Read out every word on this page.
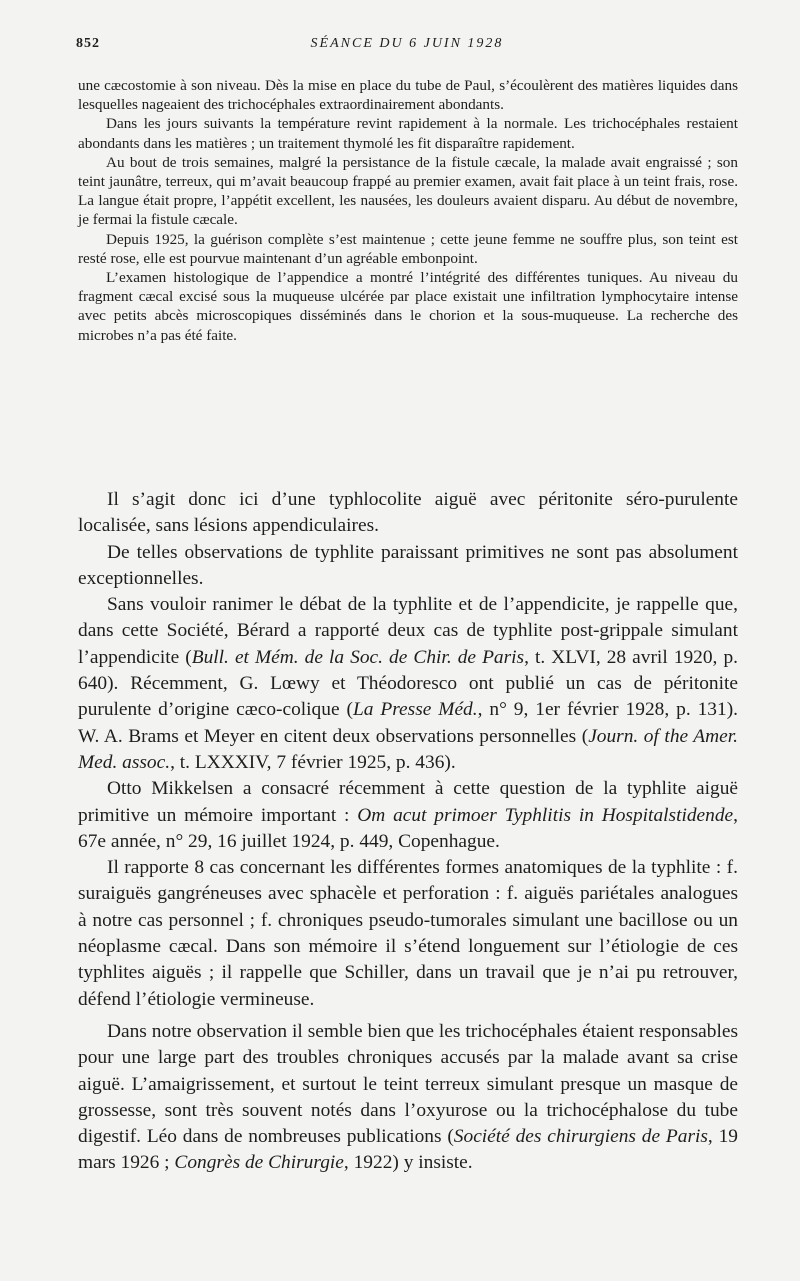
852	SÉANCE DU 6 JUIN 1928

une cæcostomie à son niveau. Dès la mise en place du tube de Paul, s’écoulèrent des matières liquides dans lesquelles nageaient des trichocéphales extraordinairement abondants.

Dans les jours suivants la température revint rapidement à la normale. Les trichocéphales restaient abondants dans les matières ; un traitement thymolé les fit disparaître rapidement.

Au bout de trois semaines, malgré la persistance de la fistule cæcale, la malade avait engraissé ; son teint jaunâtre, terreux, qui m’avait beaucoup frappé au premier examen, avait fait place à un teint frais, rose. La langue était propre, l’appétit excellent, les nausées, les douleurs avaient disparu. Au début de novembre, je fermai la fistule cæcale.

Depuis 1925, la guérison complète s’est maintenue ; cette jeune femme ne souffre plus, son teint est resté rose, elle est pourvue maintenant d’un agréable embonpoint.

L’examen histologique de l’appendice a montré l’intégrité des différentes tuniques. Au niveau du fragment cæcal excisé sous la muqueuse ulcérée par place existait une infiltration lymphocytaire intense avec petits abcès microscopiques disséminés dans le chorion et la sous-muqueuse. La recherche des microbes n’a pas été faite.

Il s’agit donc ici d’une typhlocolite aiguë avec péritonite séro-purulente localisée, sans lésions appendiculaires.

De telles observations de typhlite paraissant primitives ne sont pas absolument exceptionnelles.

Sans vouloir ranimer le débat de la typhlite et de l’appendicite, je rappelle que, dans cette Société, Bérard a rapporté deux cas de typhlite post-grippale simulant l’appendicite (Bull. et Mém. de la Soc. de Chir. de Paris, t. XLVI, 28 avril 1920, p. 640). Récemment, G. Lœwy et Théodoresco ont publié un cas de péritonite purulente d’origine cæco-colique (La Presse Méd., n° 9, 1er février 1928, p. 131). W. A. Brams et Meyer en citent deux observations personnelles (Journ. of the Amer. Med. assoc., t. LXXXIV, 7 février 1925, p. 436).

Otto Mikkelsen a consacré récemment à cette question de la typhlite aiguë primitive un mémoire important : Om acut primoer Typhlitis in Hospitalstidende, 67e année, n° 29, 16 juillet 1924, p. 449, Copenhague.

Il rapporte 8 cas concernant les différentes formes anatomiques de la typhlite : f. suraiguës gangréneuses avec sphacèle et perforation : f. aiguës pariétales analogues à notre cas personnel ; f. chroniques pseudo-tumorales simulant une bacillose ou un néoplasme cæcal. Dans son mémoire il s’étend longuement sur l’étiologie de ces typhlites aiguës ; il rappelle que Schiller, dans un travail que je n’ai pu retrouver, défend l’étiologie vermineuse.

Dans notre observation il semble bien que les trichocéphales étaient responsables pour une large part des troubles chroniques accusés par la malade avant sa crise aiguë. L’amaigrissement, et surtout le teint terreux simulant presque un masque de grossesse, sont très souvent notés dans l’oxyurose ou la trichocéphalose du tube digestif. Léo dans de nombreuses publications (Société des chirurgiens de Paris, 19 mars 1926 ; Congrès de Chirurgie, 1922) y insiste.
